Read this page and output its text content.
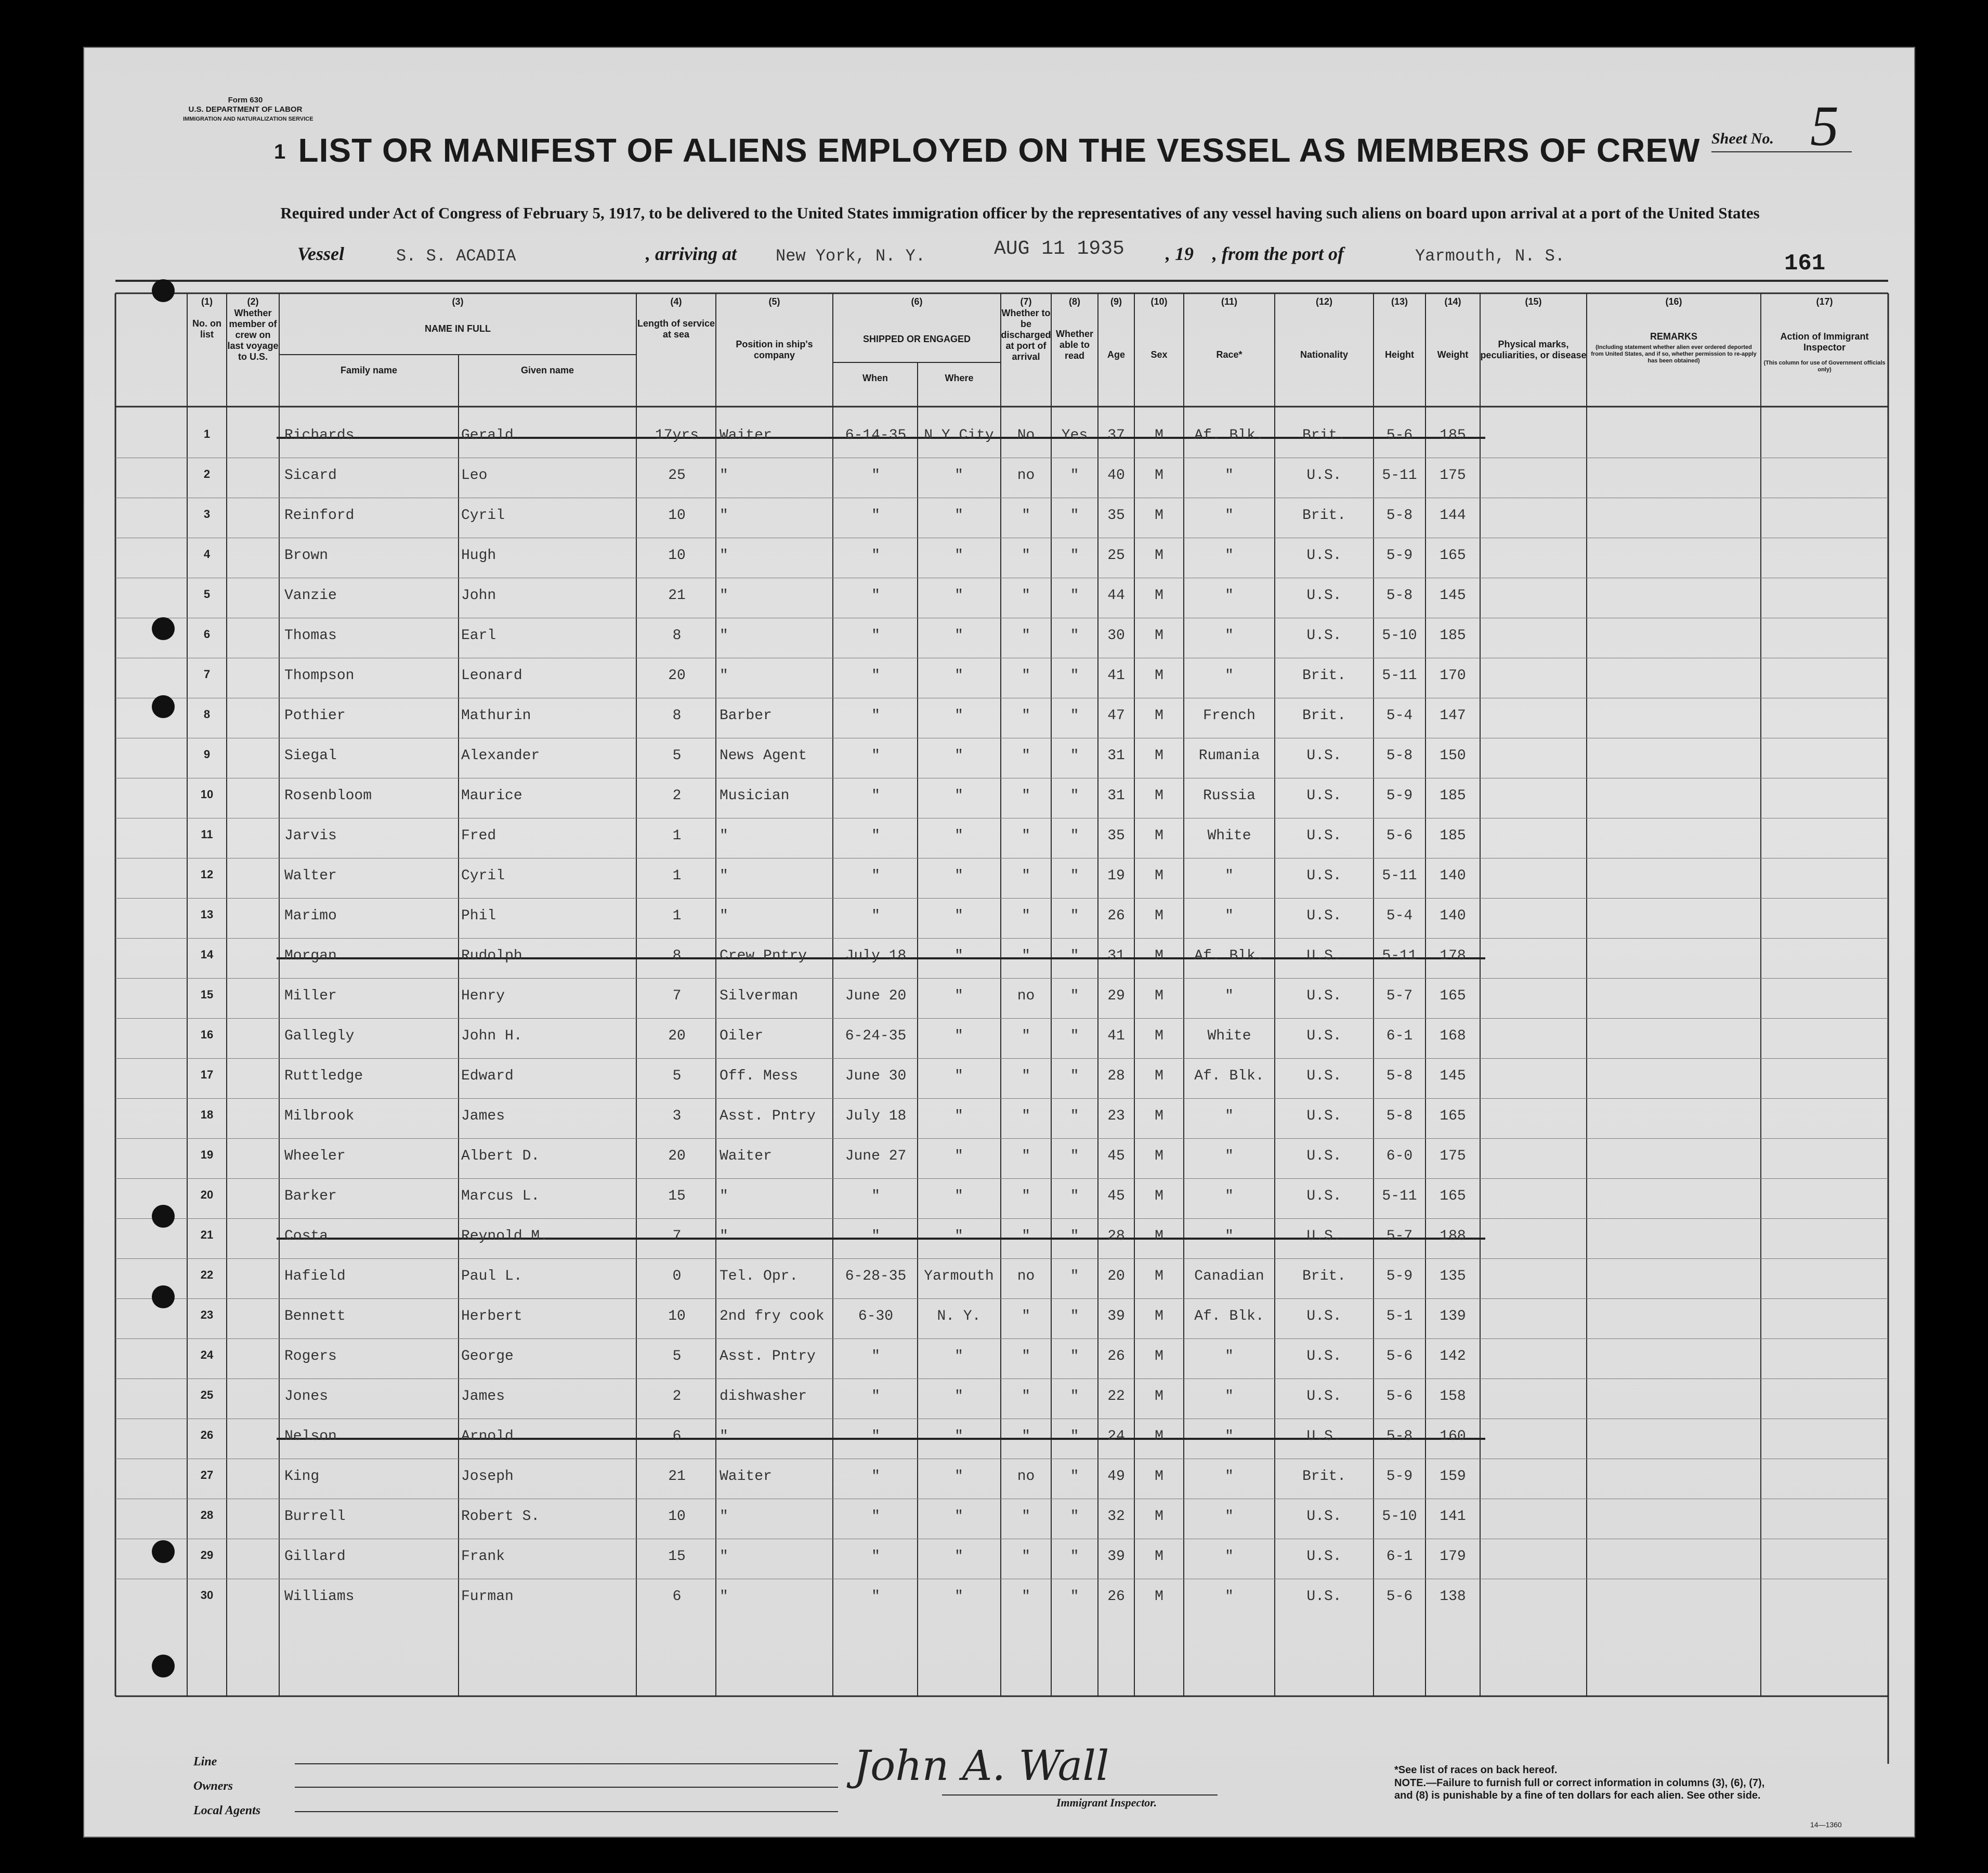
Form 630
U.S. DEPARTMENT OF LABOR
IMMIGRATION AND NATURALIZATION SERVICE
1 LIST OR MANIFEST OF ALIENS EMPLOYED ON THE VESSEL AS MEMBERS OF CREW
Required under Act of Congress of February 5, 1917, to be delivered to the United States immigration officer by the representatives of any vessel having such aliens on board upon arrival at a port of the United States
Sheet No. 5
Vessel	S. S. ACADIA	, arriving at New York, N. Y.	AUG 11 1935 , 19 , from the port of	Yarmouth, N. S.	161
(1)
No. on list
(2)
Whether member of crew on last voyage to U.S.
(3)
NAME IN FULL
Family name	Given name
(4)
Length of service at sea
(5)
Position in ship's company
(6)
SHIPPED OR ENGAGED
When	Where
(7)
Whether to be discharged at port of arrival
(8)
Whether able to read
(9)
Age
(10)
Sex
(11)
Race*
(12)
Nationality
(13)
Height
(14)
Weight
(15)
Physical marks, peculiarities, or disease
(16)
REMARKS
(Including statement whether alien ever ordered deported from United States, and if so, whether permission to re-apply has been obtained)
(17)
Action of Immigrant Inspector
(This column for use of Government officials only)
1	Richards	Gerald	17yrs	Waiter	6-14-35	N Y City	No	Yes	37	M	Af. Blk.	Brit.	5-6	185
2	Sicard	Leo	25	"	"	"	no	"	40	M	"	U.S.	5-11	175
3	Reinford	Cyril	10	"	"	"	"	"	35	M	"	Brit.	5-8	144
4	Brown	Hugh	10	"	"	"	"	"	25	M	"	U.S.	5-9	165
5	Vanzie	John	21	"	"	"	"	"	44	M	"	U.S.	5-8	145
6	Thomas	Earl	8	"	"	"	"	"	30	M	"	U.S.	5-10	185
7	Thompson	Leonard	20	"	"	"	"	"	41	M	"	Brit.	5-11	170
8	Pothier	Mathurin	8	Barber	"	"	"	"	47	M	French	Brit.	5-4	147
9	Siegal	Alexander	5	News Agent	"	"	"	"	31	M	Rumania	U.S.	5-8	150
10	Rosenbloom	Maurice	2	Musician	"	"	"	"	31	M	Russia	U.S.	5-9	185
11	Jarvis	Fred	1	"	"	"	"	"	35	M	White	U.S.	5-6	185
12	Walter	Cyril	1	"	"	"	"	"	19	M	"	U.S.	5-11	140
13	Marimo	Phil	1	"	"	"	"	"	26	M	"	U.S.	5-4	140
14	Morgan	Rudolph	8	Crew Pntry	July 18	"	"	"	31	M	Af. Blk.	U.S.	5-11	178
15	Miller	Henry	7	Silverman	June 20	"	no	"	29	M	"	U.S.	5-7	165
16	Gallegly	John H.	20	Oiler	6-24-35	"	"	"	41	M	White	U.S.	6-1	168
17	Ruttledge	Edward	5	Off. Mess	June 30	"	"	"	28	M	Af. Blk.	U.S.	5-8	145
18	Milbrook	James	3	Asst. Pntry	July 18	"	"	"	23	M	"	U.S.	5-8	165
19	Wheeler	Albert D.	20	Waiter	June 27	"	"	"	45	M	"	U.S.	6-0	175
20	Barker	Marcus L.	15	"	"	"	"	"	45	M	"	U.S.	5-11	165
21	Costa	Reynold M.	7	"	"	"	"	"	28	M	"	U.S.	5-7	188
22	Hafield	Paul L.	0	Tel. Opr.	6-28-35	Yarmouth	no	"	20	M	Canadian	Brit.	5-9	135
23	Bennett	Herbert	10	2nd fry cook	6-30	N. Y.	"	"	39	M	Af. Blk.	U.S.	5-1	139
24	Rogers	George	5	Asst. Pntry	"	"	"	"	26	M	"	U.S.	5-6	142
25	Jones	James	2	dishwasher	"	"	"	"	22	M	"	U.S.	5-6	158
26	Nelson	Arnold	6	"	"	"	"	"	24	M	"	U.S.	5-8	160
27	King	Joseph	21	Waiter	"	"	no	"	49	M	"	Brit.	5-9	159
28	Burrell	Robert S.	10	"	"	"	"	"	32	M	"	U.S.	5-10	141
29	Gillard	Frank	15	"	"	"	"	"	39	M	"	U.S.	6-1	179
30	Williams	Furman	6	"	"	"	"	"	26	M	"	U.S.	5-6	138
Line
Owners
Local Agents
John A. Wall
Immigrant Inspector.
*See list of races on back hereof.
NOTE.—Failure to furnish full or correct information in columns (3), (6), (7), and (8) is punishable by a fine of ten dollars for each alien. See other side.
14—1360
